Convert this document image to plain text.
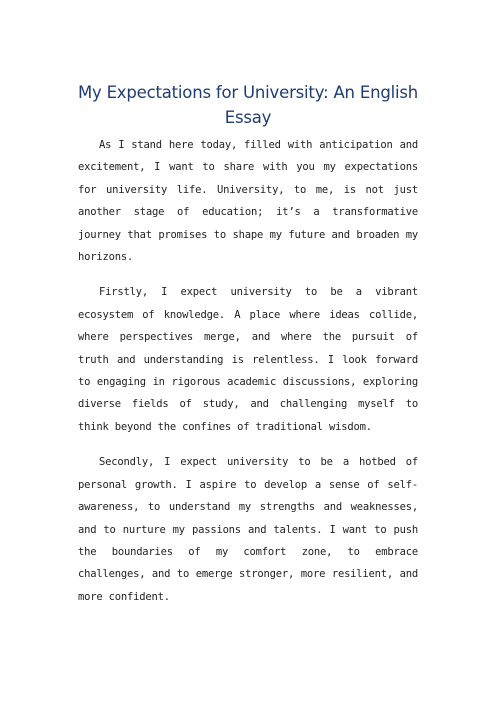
My Expectations for University: An English Essay

As I stand here today, filled with anticipation and excitement, I want to share with you my expectations for university life. University, to me, is not just another stage of education; it’s a transformative journey that promises to shape my future and broaden my horizons.

Firstly, I expect university to be a vibrant ecosystem of knowledge. A place where ideas collide, where perspectives merge, and where the pursuit of truth and understanding is relentless. I look forward to engaging in rigorous academic discussions, exploring diverse fields of study, and challenging myself to think beyond the confines of traditional wisdom.

Secondly, I expect university to be a hotbed of personal growth. I aspire to develop a sense of self-awareness, to understand my strengths and weaknesses, and to nurture my passions and talents. I want to push the boundaries of my comfort zone, to embrace challenges, and to emerge stronger, more resilient, and more confident.
